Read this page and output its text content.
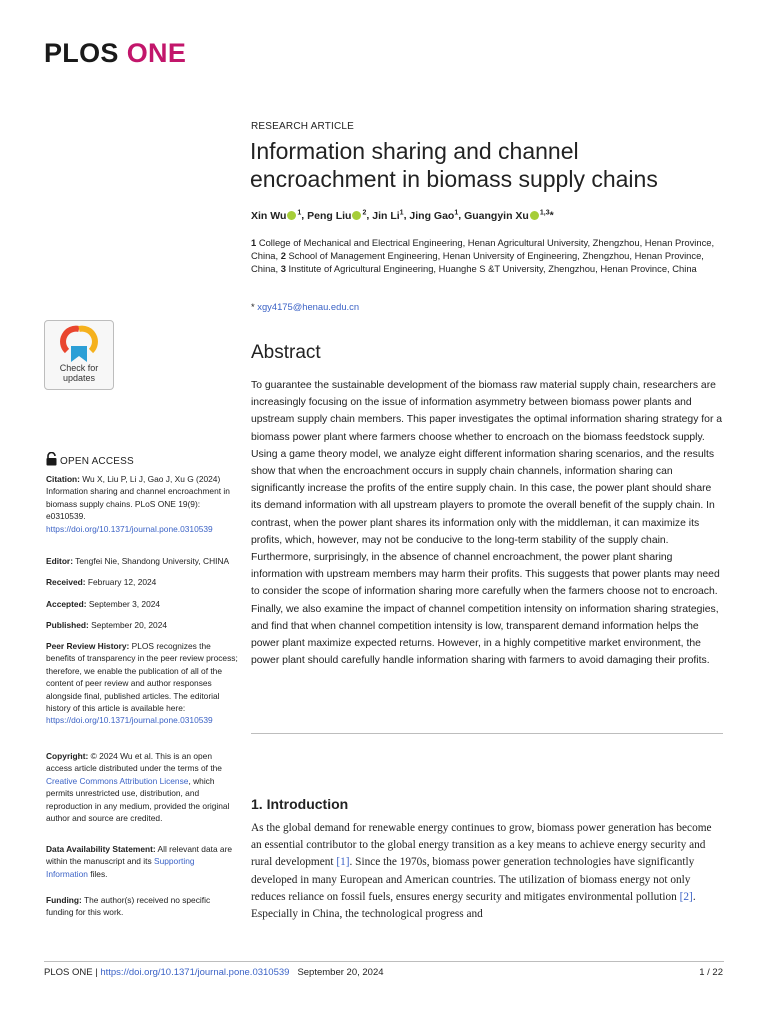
PLOS ONE
RESEARCH ARTICLE
Information sharing and channel encroachment in biomass supply chains
Xin Wu $^1$, Peng Liu $^2$, Jin Li$^1$, Jing Gao$^1$, Guangyin Xu $^{1,3}$*
1 College of Mechanical and Electrical Engineering, Henan Agricultural University, Zhengzhou, Henan Province, China, 2 School of Management Engineering, Henan University of Engineering, Zhengzhou, Henan Province, China, 3 Institute of Agricultural Engineering, Huanghe S &T University, Zhengzhou, Henan Province, China
* xgy4175@henau.edu.cn
Abstract

To guarantee the sustainable development of the biomass raw material supply chain, researchers are increasingly focusing on the issue of information asymmetry between biomass power plants and upstream supply chain members. This paper investigates the optimal information sharing strategy for a biomass power plant where farmers choose whether to encroach on the biomass feedstock supply. Using a game theory model, we analyze eight different information sharing scenarios, and the results show that when the encroachment occurs in supply chain channels, information sharing can significantly increase the profits of the entire supply chain. In this case, the power plant should share its demand information with all upstream players to promote the overall benefit of the supply chain. In contrast, when the power plant shares its information only with the middleman, it can maximize its profits, which, however, may not be conducive to the long-term stability of the supply chain. Furthermore, surprisingly, in the absence of channel encroachment, the power plant sharing information with upstream members may harm their profits. This suggests that power plants may need to consider the scope of information sharing more carefully when the farmers choose not to encroach. Finally, we also examine the impact of channel competition intensity on information sharing strategies, and find that when channel competition intensity is low, transparent demand information helps the power plant maximize expected returns. However, in a highly competitive market environment, the power plant should carefully handle information sharing with farmers to avoid damaging their profits.

1. Introduction

As the global demand for renewable energy continues to grow, biomass power generation has become an essential contributor to the global energy transition as a key means to achieve energy security and rural development [1]. Since the 1970s, biomass power generation technologies have significantly developed in many European and American countries. The utilization of biomass energy not only reduces reliance on fossil fuels, ensures energy security and mitigates environmental pollution [2]. Especially in China, the technological progress and

Check for
updates
OPEN ACCESS
Citation: Wu X, Liu P, Li J, Gao J, Xu G (2024) Information sharing and channel encroachment in biomass supply chains. PLoS ONE 19(9): e0310539. https://doi.org/10.1371/journal.pone.0310539
Editor: Tengfei Nie, Shandong University, CHINA
Received: February 12, 2024
Accepted: September 3, 2024
Published: September 20, 2024
Peer Review History: PLOS recognizes the benefits of transparency in the peer review process; therefore, we enable the publication of all of the content of peer review and author responses alongside final, published articles. The editorial history of this article is available here: https://doi.org/10.1371/journal.pone.0310539
Copyright: © 2024 Wu et al. This is an open access article distributed under the terms of the Creative Commons Attribution License, which permits unrestricted use, distribution, and reproduction in any medium, provided the original author and source are credited.
Data Availability Statement: All relevant data are within the manuscript and its Supporting Information files.
Funding: The author(s) received no specific funding for this work.
PLOS ONE | https://doi.org/10.1371/journal.pone.0310539 September 20, 2024	1 / 22
